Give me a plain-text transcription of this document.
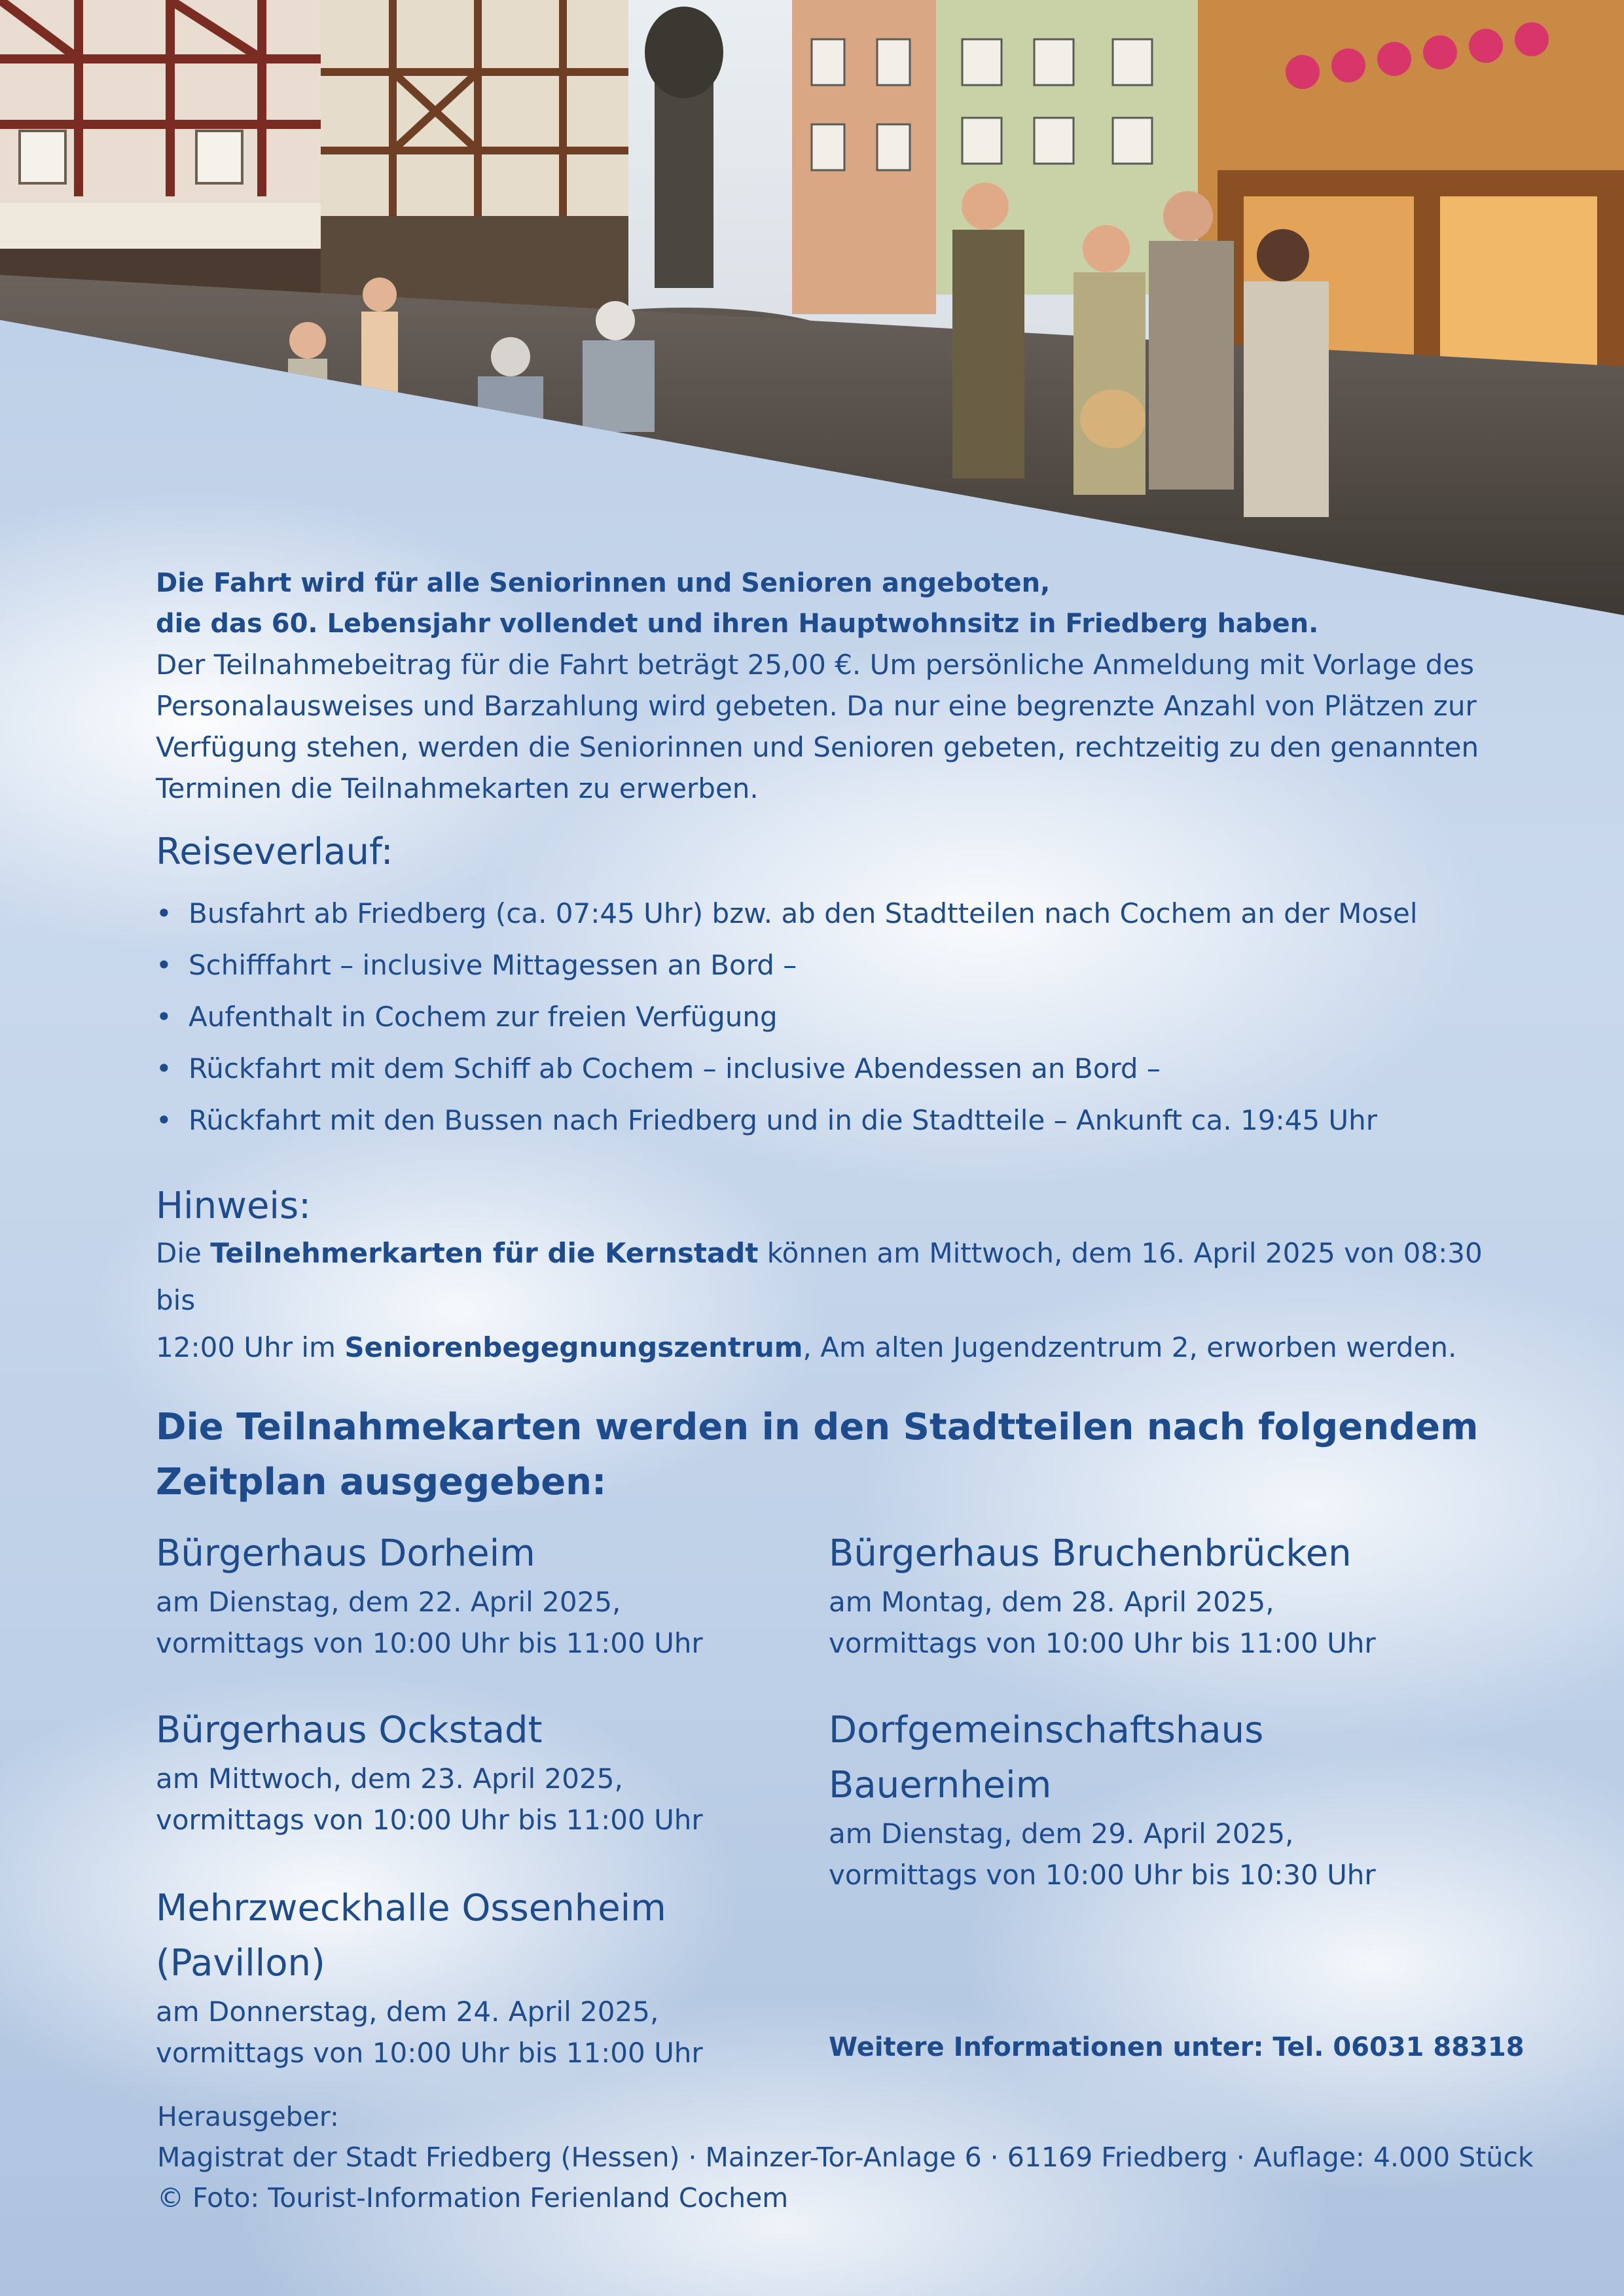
Die Fahrt wird für alle Seniorinnen und Senioren angeboten,

die das 60. Lebensjahr vollendet und ihren Hauptwohnsitz in Friedberg haben.

Der Teilnahmebeitrag für die Fahrt beträgt 25,00 €. Um persönliche Anmeldung mit Vorlage des

Personalausweises und Barzahlung wird gebeten. Da nur eine begrenzte Anzahl von Plätzen zur

Verfügung stehen, werden die Seniorinnen und Senioren gebeten, rechtzeitig zu den genannten

Terminen die Teilnahmekarten zu erwerben.

Reiseverlauf:
• Busfahrt ab Friedberg (ca. 07:45 Uhr) bzw. ab den Stadtteilen nach Cochem an der Mosel
• Schifffahrt – inclusive Mittagessen an Bord –
• Aufenthalt in Cochem zur freien Verfügung
• Rückfahrt mit dem Schiff ab Cochem – inclusive Abendessen an Bord –
• Rückfahrt mit den Bussen nach Friedberg und in die Stadtteile – Ankunft ca. 19:45 Uhr
Hinweis:

Die Teilnehmerkarten für die Kernstadt können am Mittwoch, dem 16. April 2025 von 08:30 bis

12:00 Uhr im Seniorenbegegnungszentrum, Am alten Jugendzentrum 2, erworben werden.

Die Teilnahmekarten werden in den Stadtteilen nach folgendem
Zeitplan ausgegeben:

Bürgerhaus Dorheim

am Dienstag, dem 22. April 2025,

vormittags von 10:00 Uhr bis 11:00 Uhr

Bürgerhaus Ockstadt

am Mittwoch, dem 23. April 2025,

vormittags von 10:00 Uhr bis 11:00 Uhr

Mehrzweckhalle Ossenheim

(Pavillon)

am Donnerstag, dem 24. April 2025,

vormittags von 10:00 Uhr bis 11:00 Uhr

Bürgerhaus Bruchenbrücken

am Montag, dem 28. April 2025,

vormittags von 10:00 Uhr bis 11:00 Uhr

Dorfgemeinschaftshaus

Bauernheim

am Dienstag, dem 29. April 2025,

vormittags von 10:00 Uhr bis 10:30 Uhr

Weitere Informationen unter: Tel. 06031 88318

Herausgeber:

Magistrat der Stadt Friedberg (Hessen) · Mainzer-Tor-Anlage 6 · 61169 Friedberg · Auflage: 4.000 Stück

© Foto: Tourist-Information Ferienland Cochem
